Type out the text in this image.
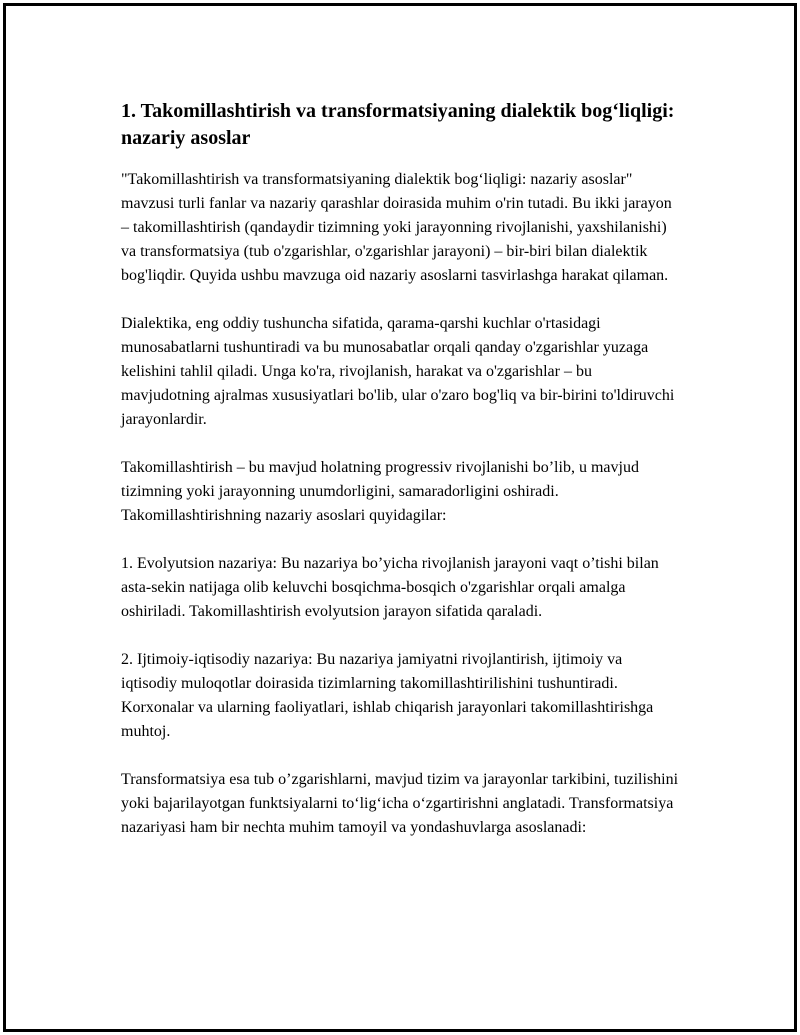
1. Takomillashtirish va transformatsiyaning dialektik bog‘liqligi: nazariy asoslar

"Takomillashtirish va transformatsiyaning dialektik bog‘liqligi: nazariy asoslar" mavzusi turli fanlar va nazariy qarashlar doirasida muhim o'rin tutadi. Bu ikki jarayon – takomillashtirish (qandaydir tizimning yoki jarayonning rivojlanishi, yaxshilanishi) va transformatsiya (tub o'zgarishlar, o'zgarishlar jarayoni) – bir-biri bilan dialektik bog'liqdir. Quyida ushbu mavzuga oid nazariy asoslarni tasvirlashga harakat qilaman.

Dialektika, eng oddiy tushuncha sifatida, qarama-qarshi kuchlar o'rtasidagi munosabatlarni tushuntiradi va bu munosabatlar orqali qanday o'zgarishlar yuzaga kelishini tahlil qiladi. Unga ko'ra, rivojlanish, harakat va o'zgarishlar – bu mavjudotning ajralmas xususiyatlari bo'lib, ular o'zaro bog'liq va bir-birini to'ldiruvchi jarayonlardir.

Takomillashtirish – bu mavjud holatning progressiv rivojlanishi bo’lib, u mavjud tizimning yoki jarayonning unumdorligini, samaradorligini oshiradi. Takomillashtirishning nazariy asoslari quyidagilar:

1. Evolyutsion nazariya: Bu nazariya bo’yicha rivojlanish jarayoni vaqt o’tishi bilan asta-sekin natijaga olib keluvchi bosqichma-bosqich o'zgarishlar orqali amalga oshiriladi. Takomillashtirish evolyutsion jarayon sifatida qaraladi.

2. Ijtimoiy-iqtisodiy nazariya: Bu nazariya jamiyatni rivojlantirish, ijtimoiy va iqtisodiy muloqotlar doirasida tizimlarning takomillashtirilishini tushuntiradi. Korxonalar va ularning faoliyatlari, ishlab chiqarish jarayonlari takomillashtirishga muhtoj.

Transformatsiya esa tub o’zgarishlarni, mavjud tizim va jarayonlar tarkibini, tuzilishini yoki bajarilayotgan funktsiyalarni to‘lig‘icha o‘zgartirishni anglatadi. Transformatsiya nazariyasi ham bir nechta muhim tamoyil va yondashuvlarga asoslanadi:
